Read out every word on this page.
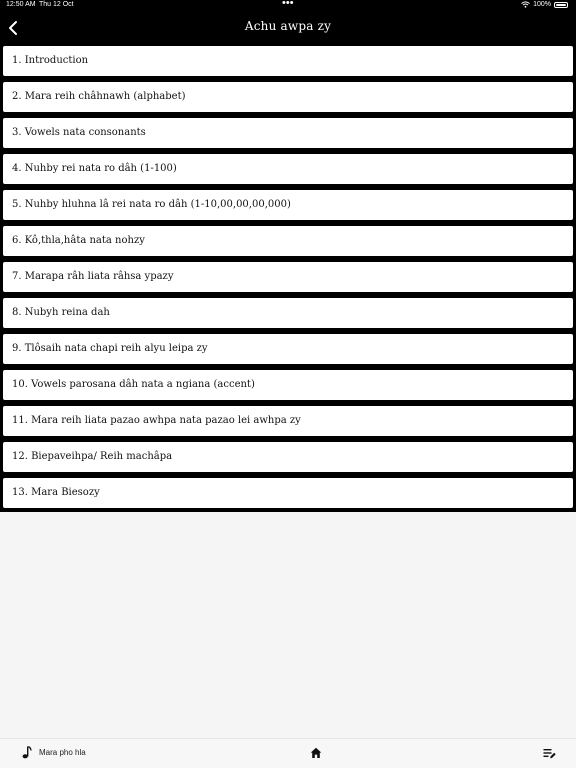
12:50 AM Thu 12 Oct	•••	100%
Achu awpa zy
1. Introduction
2. Mara reih châhnawh (alphabet)
3. Vowels nata consonants
4. Nuhby rei nata ro dâh (1-100)
5. Nuhby hluhna lâ rei nata ro dâh (1-10,00,00,00,000)
6. Kô,thla,hâta nata nohzy
7. Marapa râh liata râhsa ypazy
8. Nubyh reina dah
9. Tlôsaih nata chapi reih alyu leipa zy
10. Vowels parosana dâh nata a ngiana (accent)
11. Mara reih liata pazao awhpa nata pazao lei awhpa zy
12. Biepaveihpa/ Reih machâpa
13. Mara Biesozy
Mara pho hla
